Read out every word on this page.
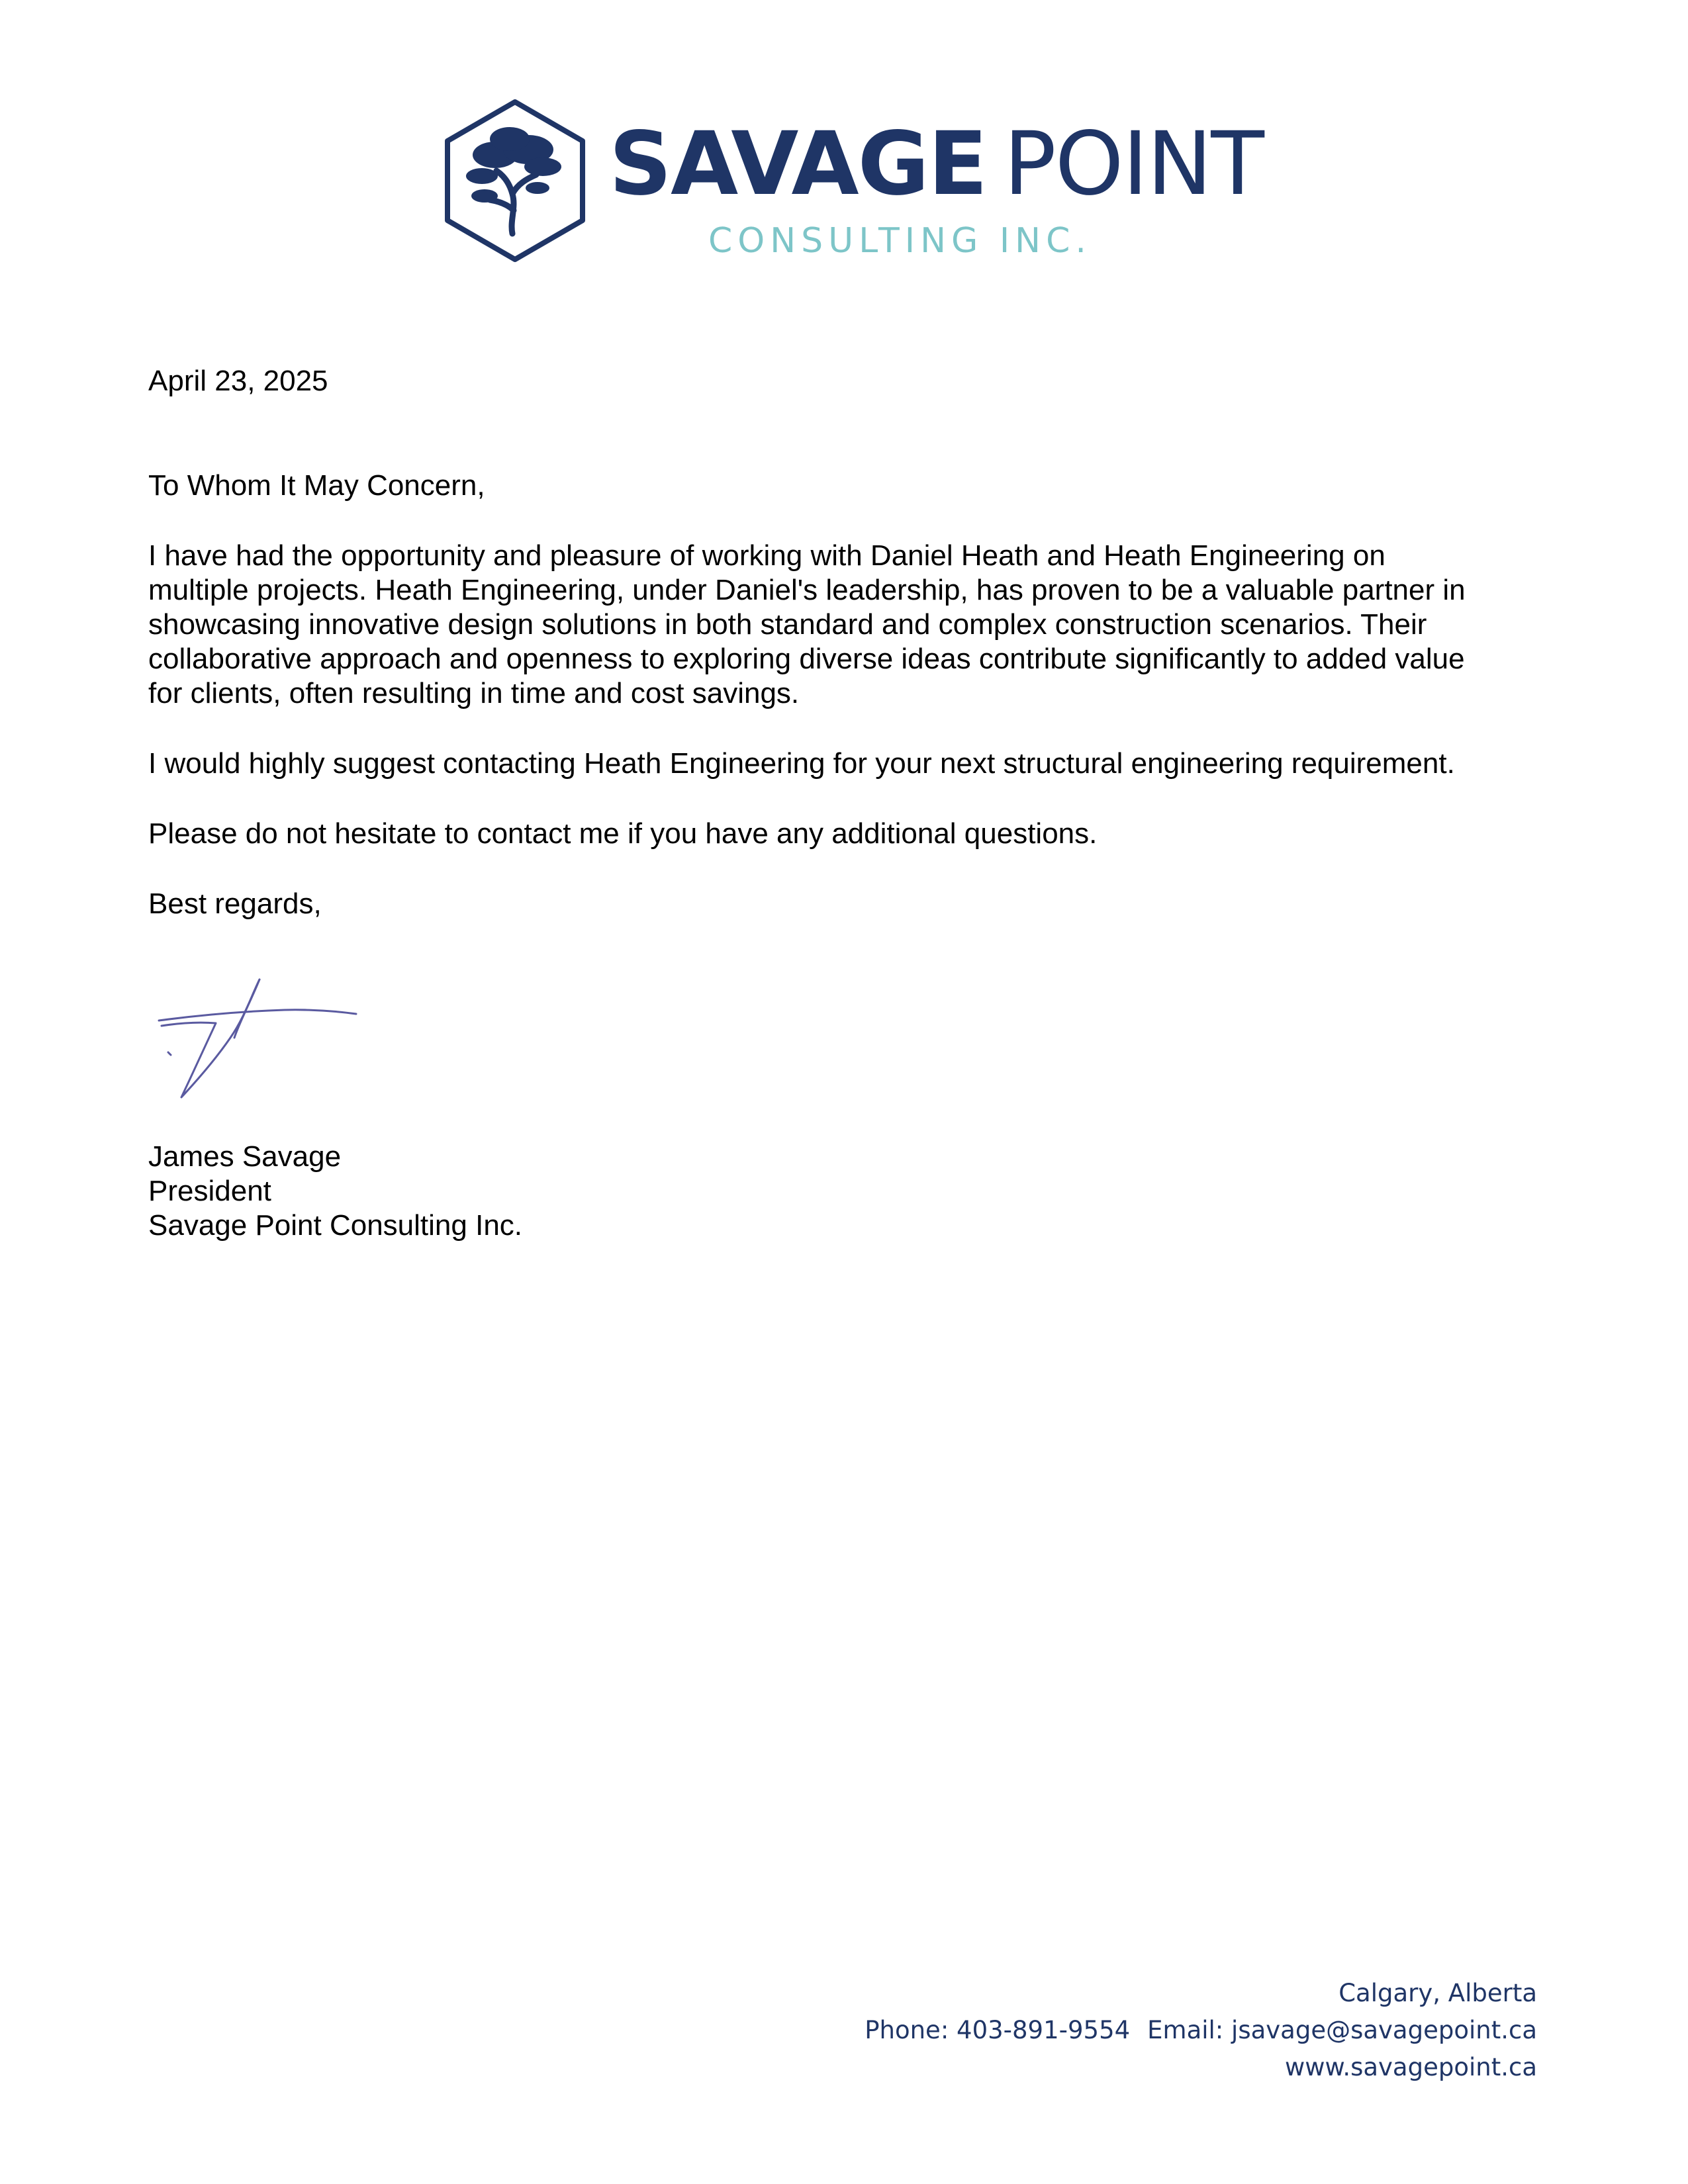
SAVAGE POINT
CONSULTING INC.
April 23, 2025
To Whom It May Concern,
I have had the opportunity and pleasure of working with Daniel Heath and Heath Engineering on
multiple projects. Heath Engineering, under Daniel's leadership, has proven to be a valuable partner in
showcasing innovative design solutions in both standard and complex construction scenarios. Their
collaborative approach and openness to exploring diverse ideas contribute significantly to added value
for clients, often resulting in time and cost savings.
I would highly suggest contacting Heath Engineering for your next structural engineering requirement.
Please do not hesitate to contact me if you have any additional questions.
Best regards,
James Savage
President
Savage Point Consulting Inc.
Calgary, Alberta
Phone: 403-891-9554 Email: jsavage@savagepoint.ca
www.savagepoint.ca
